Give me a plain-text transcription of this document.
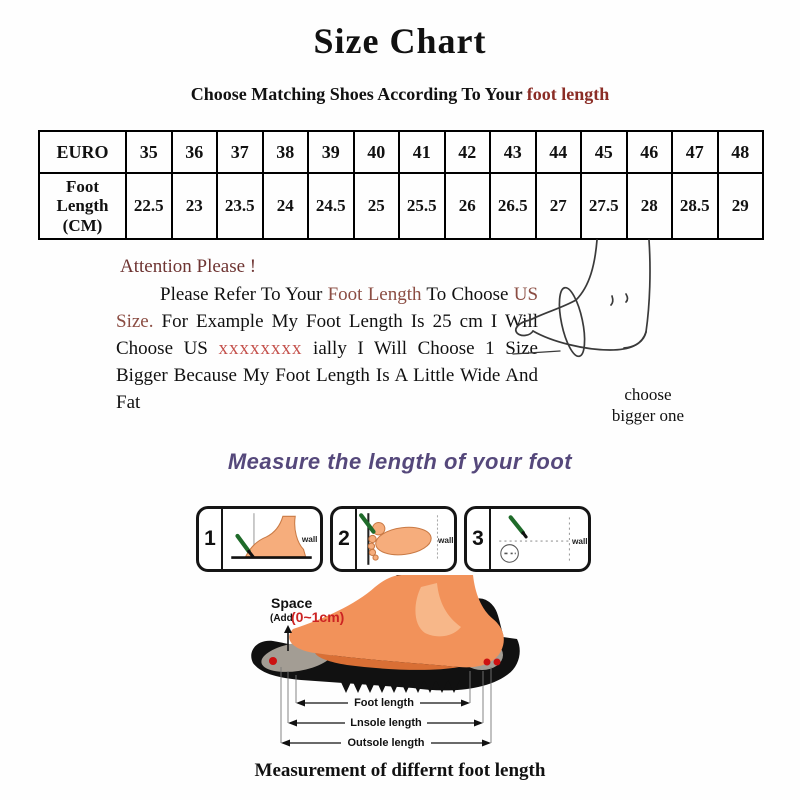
Size Chart
Choose Matching Shoes According To Your foot length
EURO	35	36	37	38	39	40	41	42	43	44	45	46	47	48
Foot Length (CM)	22.5	23	23.5	24	24.5	25	25.5	26	26.5	27	27.5	28	28.5	29
Attention Please !

Please Refer To Your Foot Length To Choose US Size. For Example My Foot Length Is 25 cm I Will Choose US xxxxxxxx ially I Will Choose 1 Size Bigger Because My Foot Length Is A Little Wide And Fat	choose
bigger one
Measure the length of your foot
1	wall 2	wall 3	wall
Space
(Add
(0~1cm)
Foot length
Lnsole length
Outsole length
Measurement of differnt foot length
